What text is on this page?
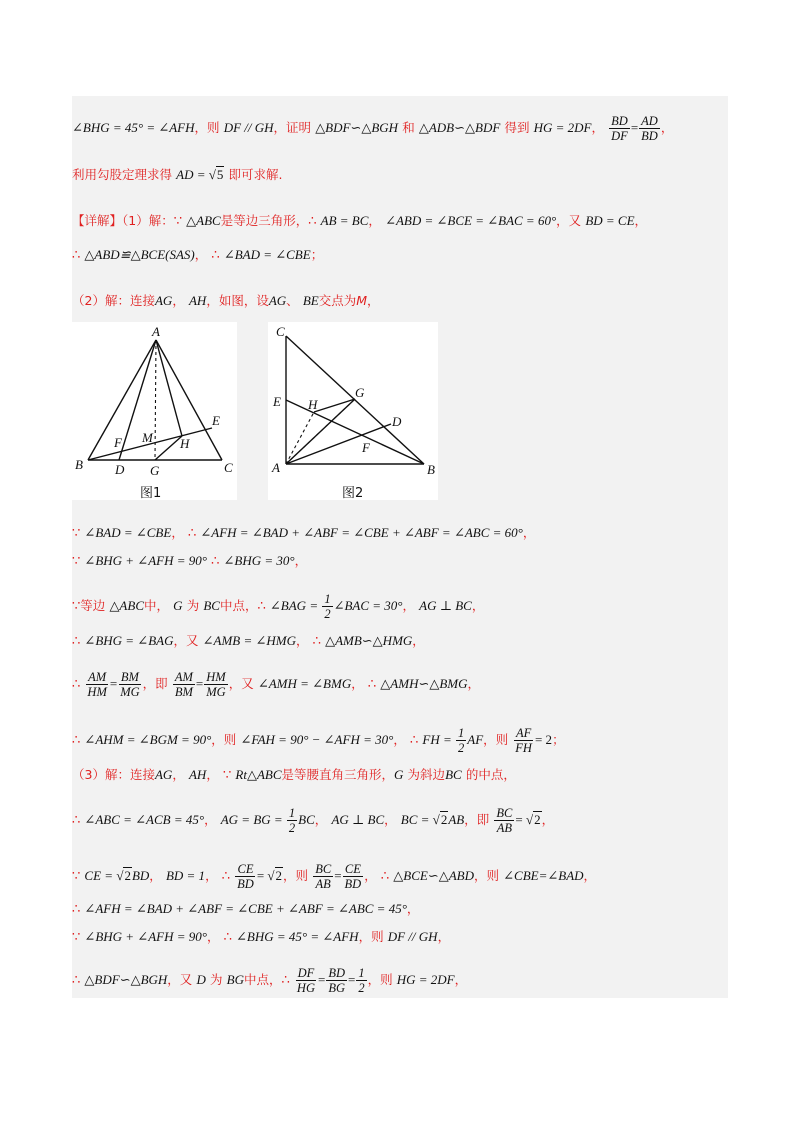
∠BHG = 45° = ∠AFH，则 DF // GH，证明 △BDF∽△BGH 和 △ADB∽△BDF 得到 HG = 2DF， $\frac{BD}{DF} = \frac{AD}{BD}$ ，
利用勾股定理求得 AD = √5 即可求解.
【详解】（1）解：∵ △ABC是等边三角形，∴ AB = BC， ∠ABD = ∠BCE = ∠BAC = 60°，又 BD = CE，
∴ △ABD≌△BCE(SAS)， ∴ ∠BAD = ∠CBE；
（2）解：连接AG， AH，如图，设AG、 BE交点为M，
A
B	C
D
E
F
G
H
M
图1
C
A	B
E
G
H
D
F
图2
∵ ∠BAD = ∠CBE， ∴ ∠AFH = ∠BAD + ∠ABF = ∠CBE + ∠ABF = ∠ABC = 60°，
∵ ∠BHG + ∠AFH = 90° ∴ ∠BHG = 30°，
∵等边 △ABC中， G 为 BC中点，∴ ∠BAG = $\frac{1}{2}$ ∠BAC = 30°， AG ⊥ BC，
∴ ∠BHG = ∠BAG，又 ∠AMB = ∠HMG， ∴ △AMB∽△HMG，
∴ $\frac{AM}{HM} = \frac{BM}{MG}$ ，即 $\frac{AM}{BM} = \frac{HM}{MG}$ ，又 ∠AMH = ∠BMG， ∴ △AMH∽△BMG，
∴ ∠AHM = ∠BGM = 90°，则 ∠FAH = 90° − ∠AFH = 30°， ∴ FH = $\frac{1}{2}$ AF，则 $\frac{AF}{FH} = 2$；
（3）解：连接AG， AH， ∵ Rt△ABC是等腰直角三角形，G 为斜边BC 的中点，
∴ ∠ABC = ∠ACB = 45°， AG = BG = $\frac{1}{2}$ BC， AG ⊥ BC， BC = √2AB，即 $\frac{BC}{AB} = √2$，
∵ CE = √2BD， BD = 1， ∴ $\frac{CE}{BD} = √2$，则 $\frac{BC}{AB} = \frac{CE}{BD}$ ， ∴ △BCE∽△ABD，则 ∠CBE=∠BAD，
∴ ∠AFH = ∠BAD + ∠ABF = ∠CBE + ∠ABF = ∠ABC = 45°，
∵ ∠BHG + ∠AFH = 90°， ∴ ∠BHG = 45° = ∠AFH，则 DF // GH，
∴ △BDF∽△BGH，又 D 为 BG中点，∴ $\frac{DF}{HG} = \frac{BD}{BG} = \frac{1}{2}$ ，则 HG = 2DF，
